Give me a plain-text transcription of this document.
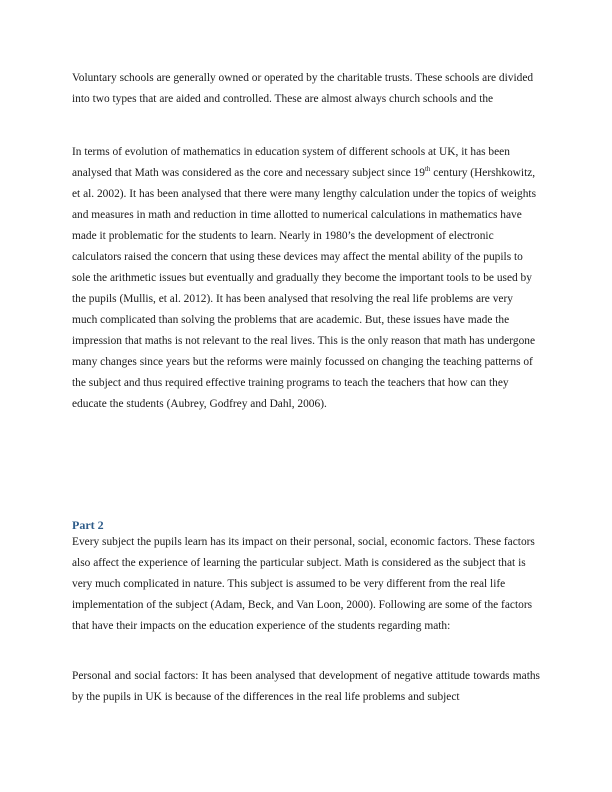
Voluntary schools are generally owned or operated by the charitable trusts. These schools are divided into two types that are aided and controlled. These are almost always church schools and the

In terms of evolution of mathematics in education system of different schools at UK, it has been analysed that Math was considered as the core and necessary subject since 19th century (Hershkowitz, et al. 2002). It has been analysed that there were many lengthy calculation under the topics of weights and measures in math and reduction in time allotted to numerical calculations in mathematics have made it problematic for the students to learn. Nearly in 1980’s the development of electronic calculators raised the concern that using these devices may affect the mental ability of the pupils to sole the arithmetic issues but eventually and gradually they become the important tools to be used by the pupils (Mullis, et al. 2012). It has been analysed that resolving the real life problems are very much complicated than solving the problems that are academic. But, these issues have made the impression that maths is not relevant to the real lives. This is the only reason that math has undergone many changes since years but the reforms were mainly focussed on changing the teaching patterns of the subject and thus required effective training programs to teach the teachers that how can they educate the students (Aubrey, Godfrey and Dahl, 2006).

Part 2

Every subject the pupils learn has its impact on their personal, social, economic factors. These factors also affect the experience of learning the particular subject. Math is considered as the subject that is very much complicated in nature. This subject is assumed to be very different from the real life implementation of the subject (Adam, Beck, and Van Loon, 2000). Following are some of the factors that have their impacts on the education experience of the students regarding math:

Personal and social factors: It has been analysed that development of negative attitude towards maths by the pupils in UK is because of the differences in the real life problems and subject
